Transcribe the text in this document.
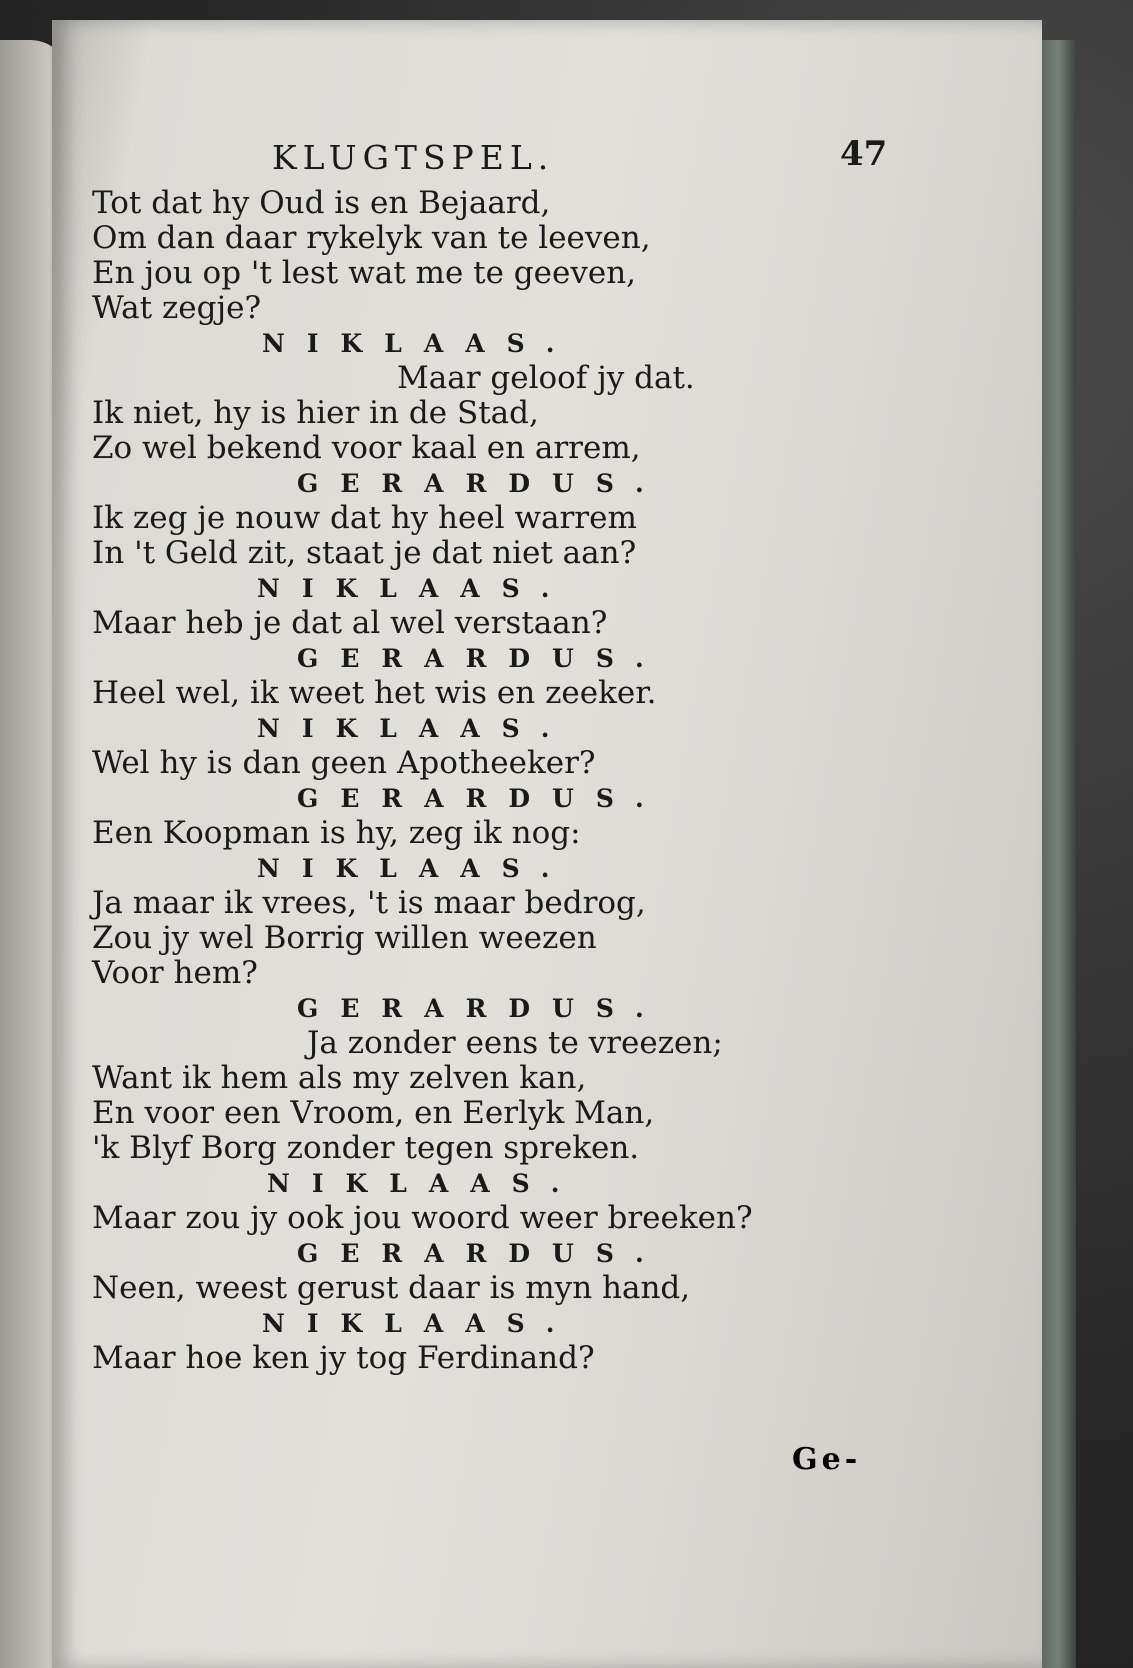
KLUGTSPEL.	47
Tot dat hy Oud is en Bejaard,
Om dan daar rykelyk van te leeven,
En jou op 't lest wat me te geeven,
Wat zegje?
NIKLAAS.
Maar geloof jy dat.
Ik niet, hy is hier in de Stad,
Zo wel bekend voor kaal en arrem,
GERARDUS.
Ik zeg je nouw dat hy heel warrem
In 't Geld zit, staat je dat niet aan?
NIKLAAS.
Maar heb je dat al wel verstaan?
GERARDUS.
Heel wel, ik weet het wis en zeeker.
NIKLAAS.
Wel hy is dan geen Apotheeker?
GERARDUS.
Een Koopman is hy, zeg ik nog:
NIKLAAS.
Ja maar ik vrees, 't is maar bedrog,
Zou jy wel Borrig willen weezen
Voor hem?
GERARDUS.
Ja zonder eens te vreezen;
Want ik hem als my zelven kan,
En voor een Vroom, en Eerlyk Man,
'k Blyf Borg zonder tegen spreken.
NIKLAAS.
Maar zou jy ook jou woord weer breeken?
GERARDUS.
Neen, weest gerust daar is myn hand,
NIKLAAS.
Maar hoe ken jy tog Ferdinand?
Ge-
